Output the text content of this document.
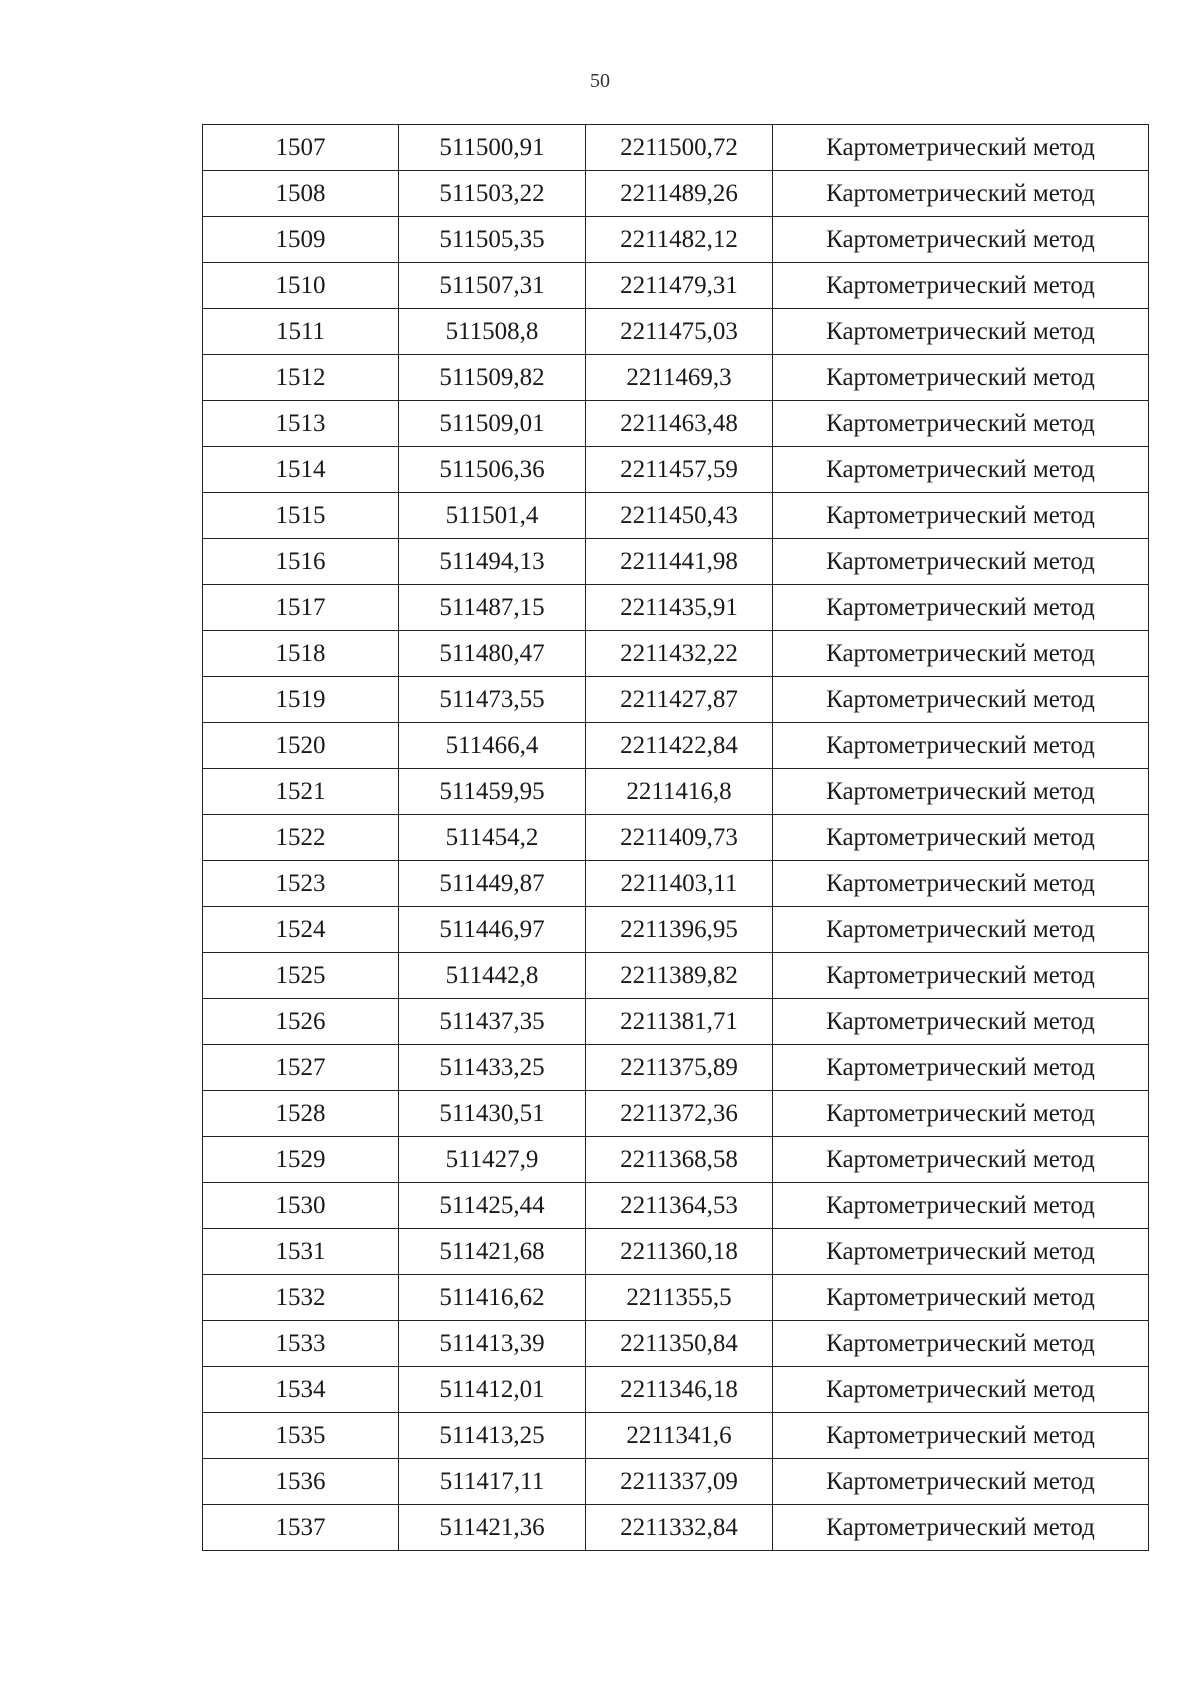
50
1507	511500,91	2211500,72	Картометрический метод
1508	511503,22	2211489,26	Картометрический метод
1509	511505,35	2211482,12	Картометрический метод
1510	511507,31	2211479,31	Картометрический метод
1511	511508,8	2211475,03	Картометрический метод
1512	511509,82	2211469,3	Картометрический метод
1513	511509,01	2211463,48	Картометрический метод
1514	511506,36	2211457,59	Картометрический метод
1515	511501,4	2211450,43	Картометрический метод
1516	511494,13	2211441,98	Картометрический метод
1517	511487,15	2211435,91	Картометрический метод
1518	511480,47	2211432,22	Картометрический метод
1519	511473,55	2211427,87	Картометрический метод
1520	511466,4	2211422,84	Картометрический метод
1521	511459,95	2211416,8	Картометрический метод
1522	511454,2	2211409,73	Картометрический метод
1523	511449,87	2211403,11	Картометрический метод
1524	511446,97	2211396,95	Картометрический метод
1525	511442,8	2211389,82	Картометрический метод
1526	511437,35	2211381,71	Картометрический метод
1527	511433,25	2211375,89	Картометрический метод
1528	511430,51	2211372,36	Картометрический метод
1529	511427,9	2211368,58	Картометрический метод
1530	511425,44	2211364,53	Картометрический метод
1531	511421,68	2211360,18	Картометрический метод
1532	511416,62	2211355,5	Картометрический метод
1533	511413,39	2211350,84	Картометрический метод
1534	511412,01	2211346,18	Картометрический метод
1535	511413,25	2211341,6	Картометрический метод
1536	511417,11	2211337,09	Картометрический метод
1537	511421,36	2211332,84	Картометрический метод
